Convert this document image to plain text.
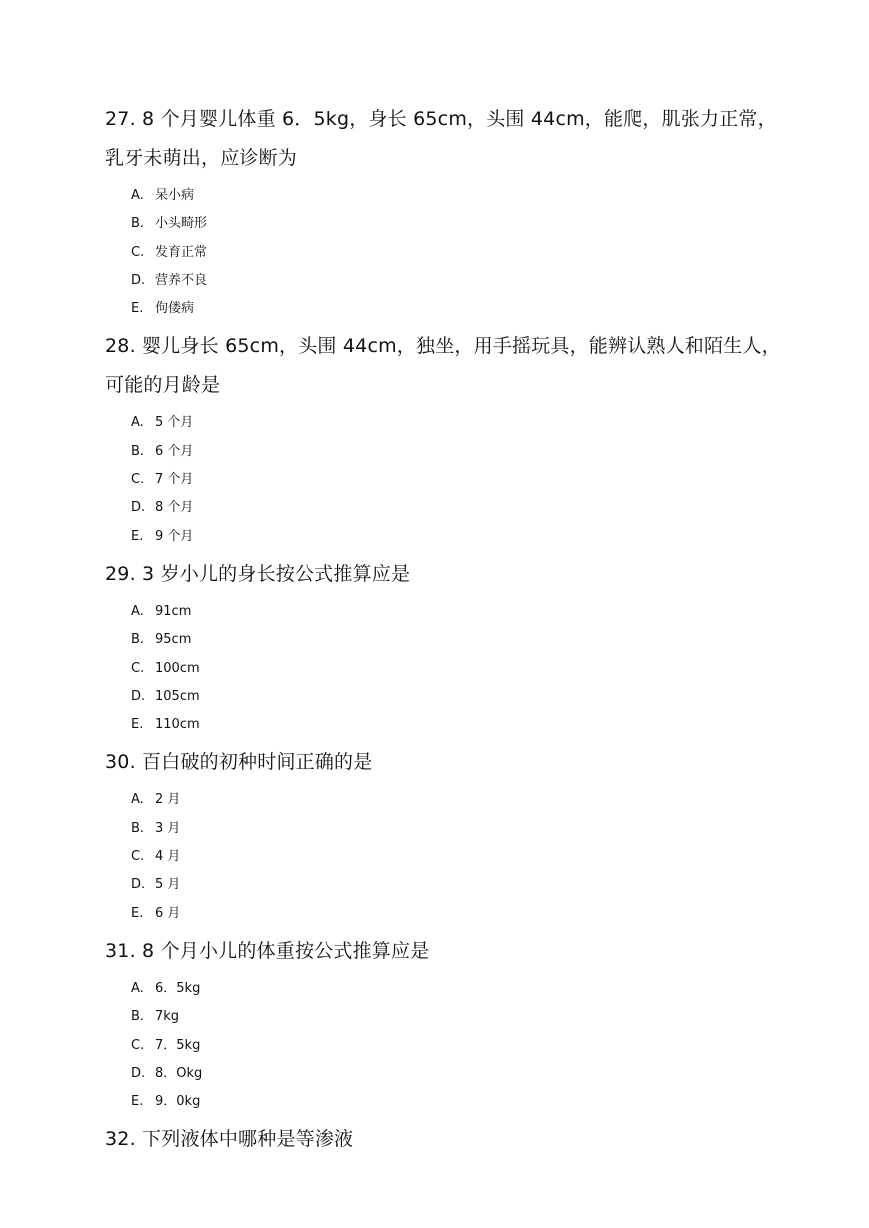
27. 8 个月婴儿体重 6．5kg，身长 65cm，头围 44cm，能爬，肌张力正常，乳牙未萌出，应诊断为

A. 呆小病
B. 小头畸形
C. 发育正常
D. 营养不良
E. 佝偻病

28. 婴儿身长 65cm，头围 44cm，独坐，用手摇玩具，能辨认熟人和陌生人，可能的月龄是

A. 5 个月
B. 6 个月
C. 7 个月
D. 8 个月
E. 9 个月

29. 3 岁小儿的身长按公式推算应是

A. 91cm
B. 95cm
C. 100cm
D. 105cm
E. 110cm

30. 百白破的初种时间正确的是

A. 2 月
B. 3 月
C. 4 月
D. 5 月
E. 6 月

31. 8 个月小儿的体重按公式推算应是

A. 6．5kg
B. 7kg
C. 7．5kg
D. 8．Okg
E. 9．0kg

32. 下列液体中哪种是等渗液
